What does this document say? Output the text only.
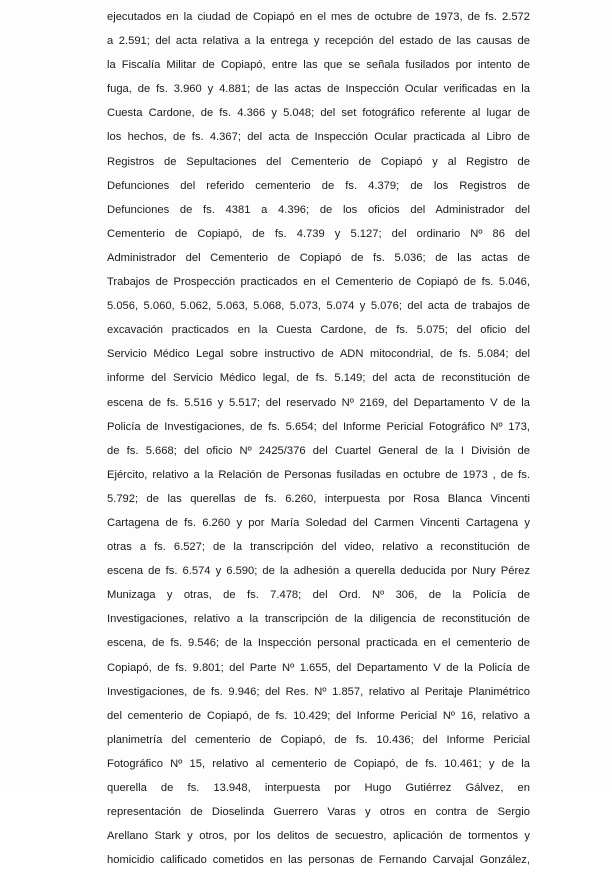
ejecutados en la ciudad de Copiapó en el mes de octubre de 1973, de fs. 2.572
a 2.591; del acta relativa a la entrega y recepción del estado de las causas de
la Fiscalía Militar de Copiapó, entre las que se señala fusilados por intento de
fuga, de fs. 3.960 y 4.881; de las actas de Inspección Ocular verificadas en la
Cuesta Cardone, de fs. 4.366 y 5.048; del set fotográfico referente al lugar de
los hechos, de fs. 4.367; del acta de Inspección Ocular practicada al Libro de
Registros de Sepultaciones del Cementerio de Copiapó y al Registro de
Defunciones del referido cementerio de fs. 4.379; de los Registros de
Defunciones de fs. 4381 a 4.396; de los oficios del Administrador del
Cementerio de Copiapó, de fs. 4.739 y 5.127; del ordinario Nº 86 del
Administrador del Cementerio de Copiapó de fs. 5.036; de las actas de
Trabajos de Prospección practicados en el Cementerio de Copiapó de fs. 5.046,
5.056, 5.060, 5.062, 5.063, 5.068, 5.073, 5.074 y 5.076; del acta de trabajos de
excavación practicados en la Cuesta Cardone, de fs. 5.075; del oficio del
Servicio Médico Legal sobre instructivo de ADN mitocondrial, de fs. 5.084; del
informe del Servicio Médico legal, de fs. 5.149; del acta de reconstitución de
escena de fs. 5.516 y 5.517; del reservado Nº 2169, del Departamento V de la
Policía de Investigaciones, de fs. 5.654; del Informe Pericial Fotográfico Nº 173,
de fs. 5.668; del oficio Nº 2425/376 del Cuartel General de la I División de
Ejército, relativo a la Relación de Personas fusiladas en octubre de 1973 , de fs.
5.792; de las querellas de fs. 6.260, interpuesta por Rosa Blanca Vincenti
Cartagena de fs. 6.260 y por María Soledad del Carmen Vincenti Cartagena y
otras a fs. 6.527; de la transcripción del video, relativo a reconstitución de
escena de fs. 6.574 y 6.590; de la adhesión a querella deducida por Nury Pérez
Munizaga y otras, de fs. 7.478; del Ord. Nº 306, de la Policía de
Investigaciones, relativo a la transcripción de la diligencia de reconstitución de
escena, de fs. 9.546; de la Inspección personal practicada en el cementerio de
Copiapó, de fs. 9.801; del Parte Nº 1.655, del Departamento V de la Policía de
Investigaciones, de fs. 9.946; del Res. Nº 1.857, relativo al Peritaje Planimétrico
del cementerio de Copiapó, de fs. 10.429; del Informe Pericial Nº 16, relativo a
planimetría del cementerio de Copiapó, de fs. 10.436; del Informe Pericial
Fotográfico Nº 15, relativo al cementerio de Copiapó, de fs. 10.461; y de la
querella de fs. 13.948, interpuesta por Hugo Gutiérrez Gálvez, en
representación de Dioselinda Guerrero Varas y otros en contra de Sergio
Arellano Stark y otros, por los delitos de secuestro, aplicación de tormentos y
homicidio calificado cometidos en las personas de Fernando Carvajal González,
